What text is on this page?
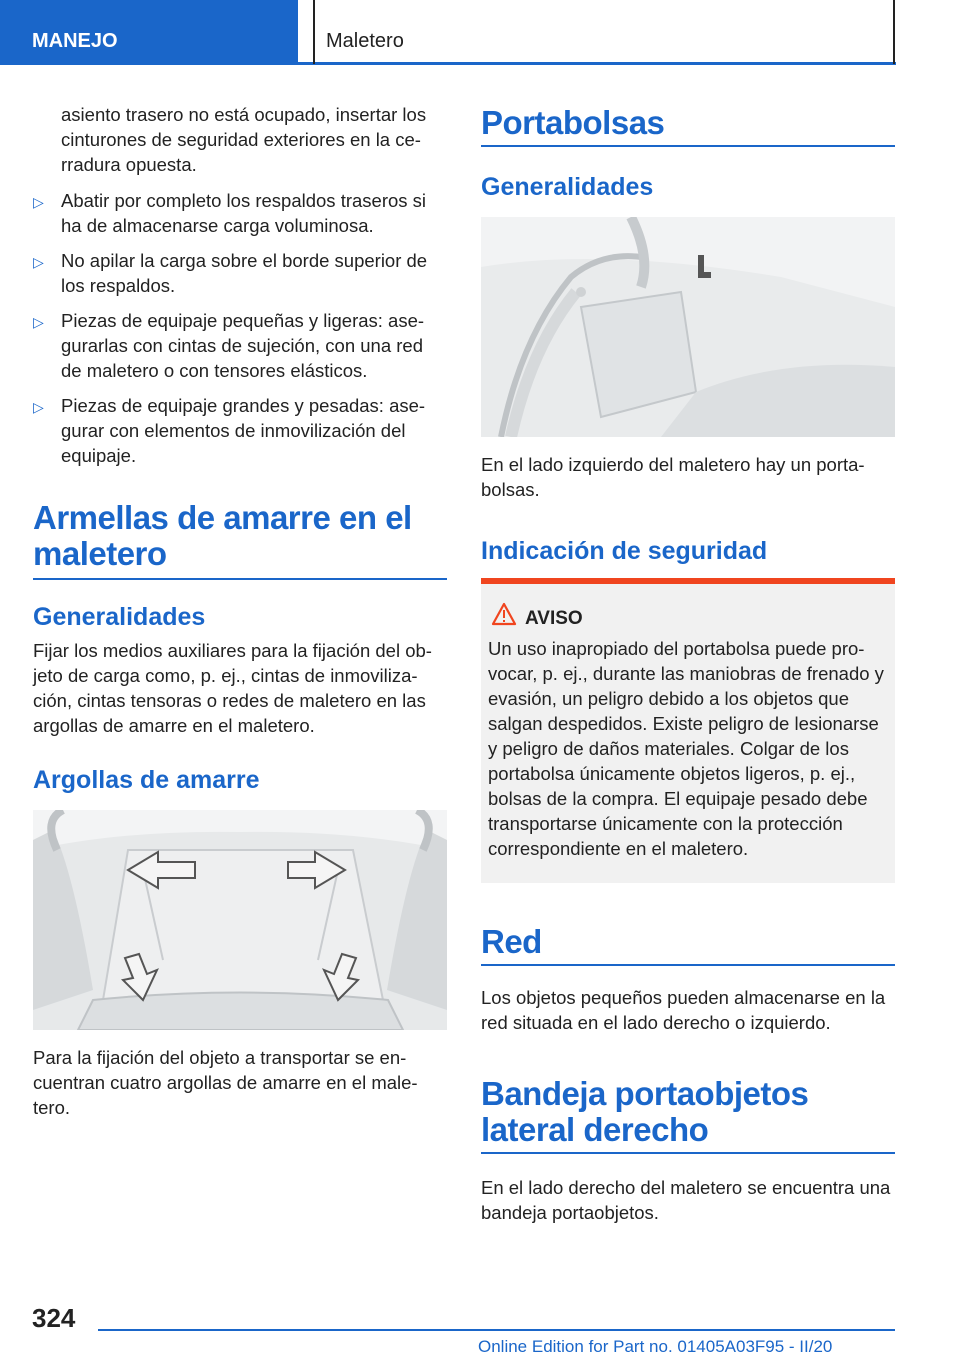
MANEJO	Maletero

asiento trasero no está ocupado, insertar los cinturones de seguridad exteriores en la ce-rradura opuesta.

▷ Abatir por completo los respaldos traseros si ha de almacenarse carga voluminosa.
▷ No apilar la carga sobre el borde superior de los respaldos.
▷ Piezas de equipaje pequeñas y ligeras: ase-gurarlas con cintas de sujeción, con una red de maletero o con tensores elásticos.
▷ Piezas de equipaje grandes y pesadas: ase-gurar con elementos de inmovilización del equipaje.

Armellas de amarre en el

maletero

Generalidades

Fijar los medios auxiliares para la fijación del ob-jeto de carga como, p. ej., cintas de inmoviliza-ción, cintas tensoras o redes de maletero en las argollas de amarre en el maletero.

Argollas de amarre

Para la fijación del objeto a transportar se en-cuentran cuatro argollas de amarre en el male-tero.

Portabolsas

Generalidades

En el lado izquierdo del maletero hay un porta-bolsas.

Indicación de seguridad

AVISO
Un uso inapropiado del portabolsa puede pro-vocar, p. ej., durante las maniobras de frenado y evasión, un peligro debido a los objetos que salgan despedidos. Existe peligro de lesionarse y peligro de daños materiales. Colgar de los portabolsa únicamente objetos ligeros, p. ej., bolsas de la compra. El equipaje pesado debe transportarse únicamente con la protección correspondiente en el maletero.

Red

Los objetos pequeños pueden almacenarse en la red situada en el lado derecho o izquierdo.

Bandeja portaobjetos

lateral derecho

En el lado derecho del maletero se encuentra una bandeja portaobjetos.

324
Online Edition for Part no. 01405A03F95 - II/20
